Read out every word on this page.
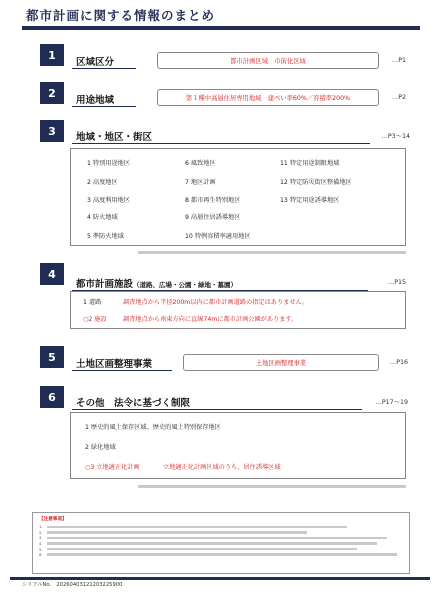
都市計画に関する情報のまとめ
1
区域区分	都市計画区域　市街化区域	…P1
2
用途地域	第１種中高層住居専用地域　建ぺい率60%／容積率200%	…P2
3	地域・地区・街区	…P3～14
1 特別用途地区	6 風致地区	11 特定用途制限地域
2 高度地区	7 地区計画	12 特定防災街区整備地区
3 高度利用地区	8 都市再生特別地区	13 特定用途誘導地区
4 防火地域	9 高層住居誘導地区
5 準防火地域	10 特例容積率適用地区
4
都市計画施設（道路、広場・公園・緑地・墓園）	…P15
1 道路	調査地点から半径200m以内に都市計画道路の指定はありません。
○2 施設	調査地点から南東方向に直線74mに都市計画公園があります。
5
土地区画整理事業	土地区画整理事業	…P16
6	その他　法令に基づく制限	…P17～19
1 歴史的風土保存区域、歴史的風土特別保存地区
2 緑化地域
○3 立地適正化計画	立地適正化計画区域のうち、居住誘導区域
【注意事項】
1.
2.
3.
4.
5.
6.
シリアルNo.　20260403121203225900
